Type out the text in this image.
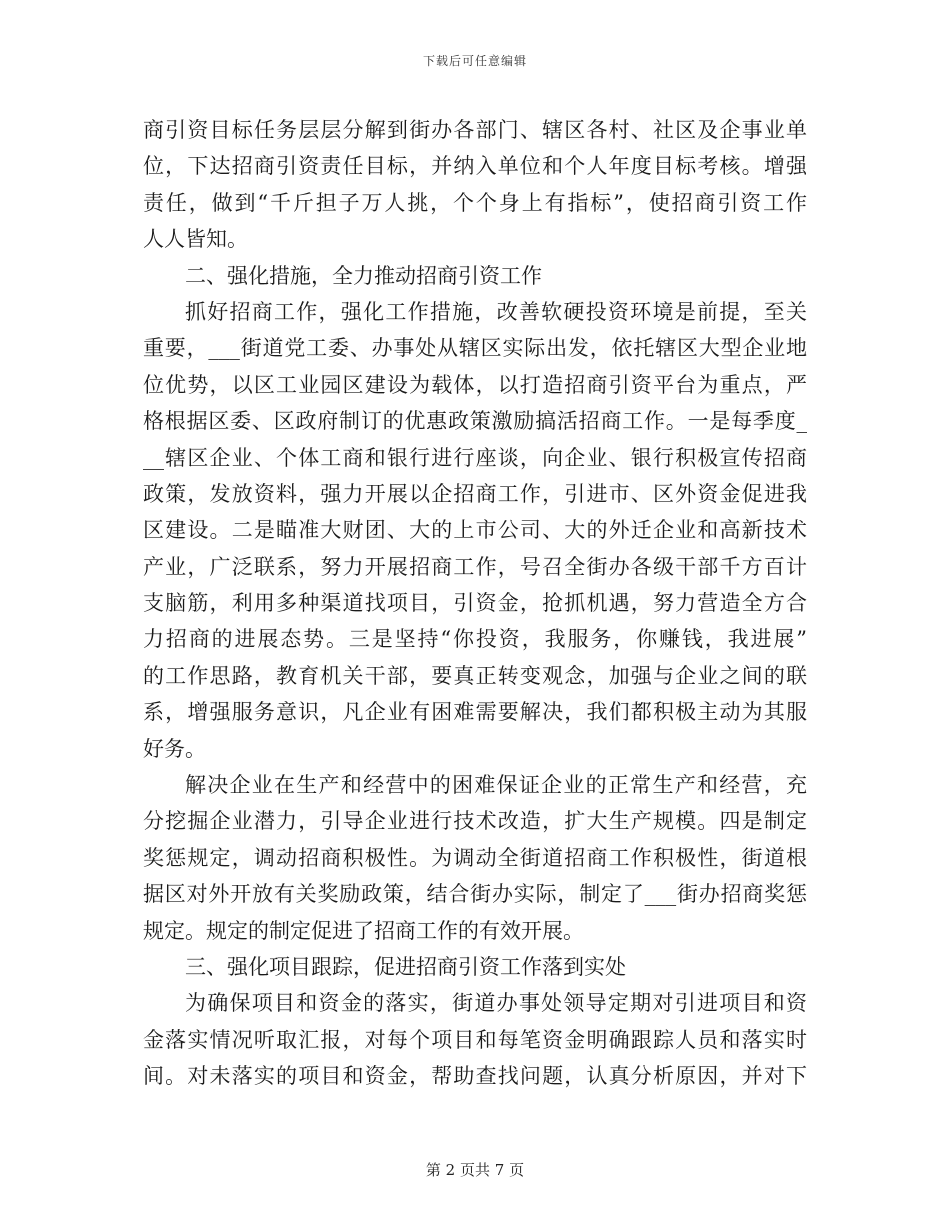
下载后可任意编辑
商引资目标任务层层分解到街办各部门、辖区各村、社区及企事业单
位，下达招商引资责任目标，并纳入单位和个人年度目标考核。增强
责任，做到“千斤担子万人挑，个个身上有指标”，使招商引资工作
人人皆知。
二、强化措施，全力推动招商引资工作
抓好招商工作，强化工作措施，改善软硬投资环境是前提，至关
重要，___街道党工委、办事处从辖区实际出发，依托辖区大型企业地
位优势，以区工业园区建设为载体，以打造招商引资平台为重点，严
格根据区委、区政府制订的优惠政策激励搞活招商工作。一是每季度_
__辖区企业、个体工商和银行进行座谈，向企业、银行积极宣传招商
政策，发放资料，强力开展以企招商工作，引进市、区外资金促进我
区建设。二是瞄准大财团、大的上市公司、大的外迁企业和高新技术
产业，广泛联系，努力开展招商工作，号召全街办各级干部千方百计
支脑筋，利用多种渠道找项目，引资金，抢抓机遇，努力营造全方合
力招商的进展态势。三是坚持“你投资，我服务，你赚钱，我进展”
的工作思路，教育机关干部，要真正转变观念，加强与企业之间的联
系，增强服务意识，凡企业有困难需要解决，我们都积极主动为其服
好务。
解决企业在生产和经营中的困难保证企业的正常生产和经营，充
分挖掘企业潜力，引导企业进行技术改造，扩大生产规模。四是制定
奖惩规定，调动招商积极性。为调动全街道招商工作积极性，街道根
据区对外开放有关奖励政策，结合街办实际，制定了___街办招商奖惩
规定。规定的制定促进了招商工作的有效开展。
三、强化项目跟踪，促进招商引资工作落到实处
为确保项目和资金的落实，街道办事处领导定期对引进项目和资
金落实情况听取汇报，对每个项目和每笔资金明确跟踪人员和落实时
间。对未落实的项目和资金，帮助查找问题，认真分析原因，并对下
第 2 页共 7 页
